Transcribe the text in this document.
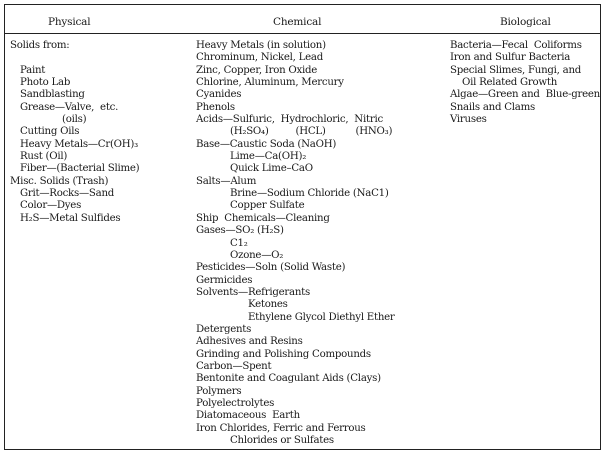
Physical	Chemical	Biological
Solids from:
Paint
Photo Lab
Sandblasting
Grease—Valve,  etc.
(oils)
Cutting Oils
Heavy Metals—Cr(OH)₃
Rust (Oil)
Fiber—(Bacterial Slime)
Misc. Solids (Trash)
Grit—Rocks—Sand
Color—Dyes
H₂S—Metal Sulfides
Heavy Metals (in solution)
Chrominum, Nickel, Lead
Zinc, Copper, Iron Oxide
Chlorine, Aluminum, Mercury
Cyanides
Phenols
Acids—Sulfuric,  Hydrochloric,  Nitric
(H₂SO₄)         (HCL)          (HNO₃)
Base—Caustic Soda (NaOH)
Lime—Ca(OH)₂
Quick Lime–CaO
Salts—Alum
Brine—Sodium Chloride (NaC1)
Copper Sulfate
Ship  Chemicals—Cleaning
Gases—SO₂ (H₂S)
C1₂
Ozone—O₂
Pesticides—Soln (Solid Waste)
Germicides
Solvents—Refrigerants
Ketones
Ethylene Glycol Diethyl Ether
Detergents
Adhesives and Resins
Grinding and Polishing Compounds
Carbon—Spent
Bentonite and Coagulant Aids (Clays)
Polymers
Polyelectrolytes
Diatomaceous  Earth
Iron Chlorides, Ferric and Ferrous
Chlorides or Sulfates
Bacteria—Fecal  Coliforms
Iron and Sulfur Bacteria
Special Slimes, Fungi, and
Oil Related Growth
Algae—Green and  Blue-green
Snails and Clams
Viruses
